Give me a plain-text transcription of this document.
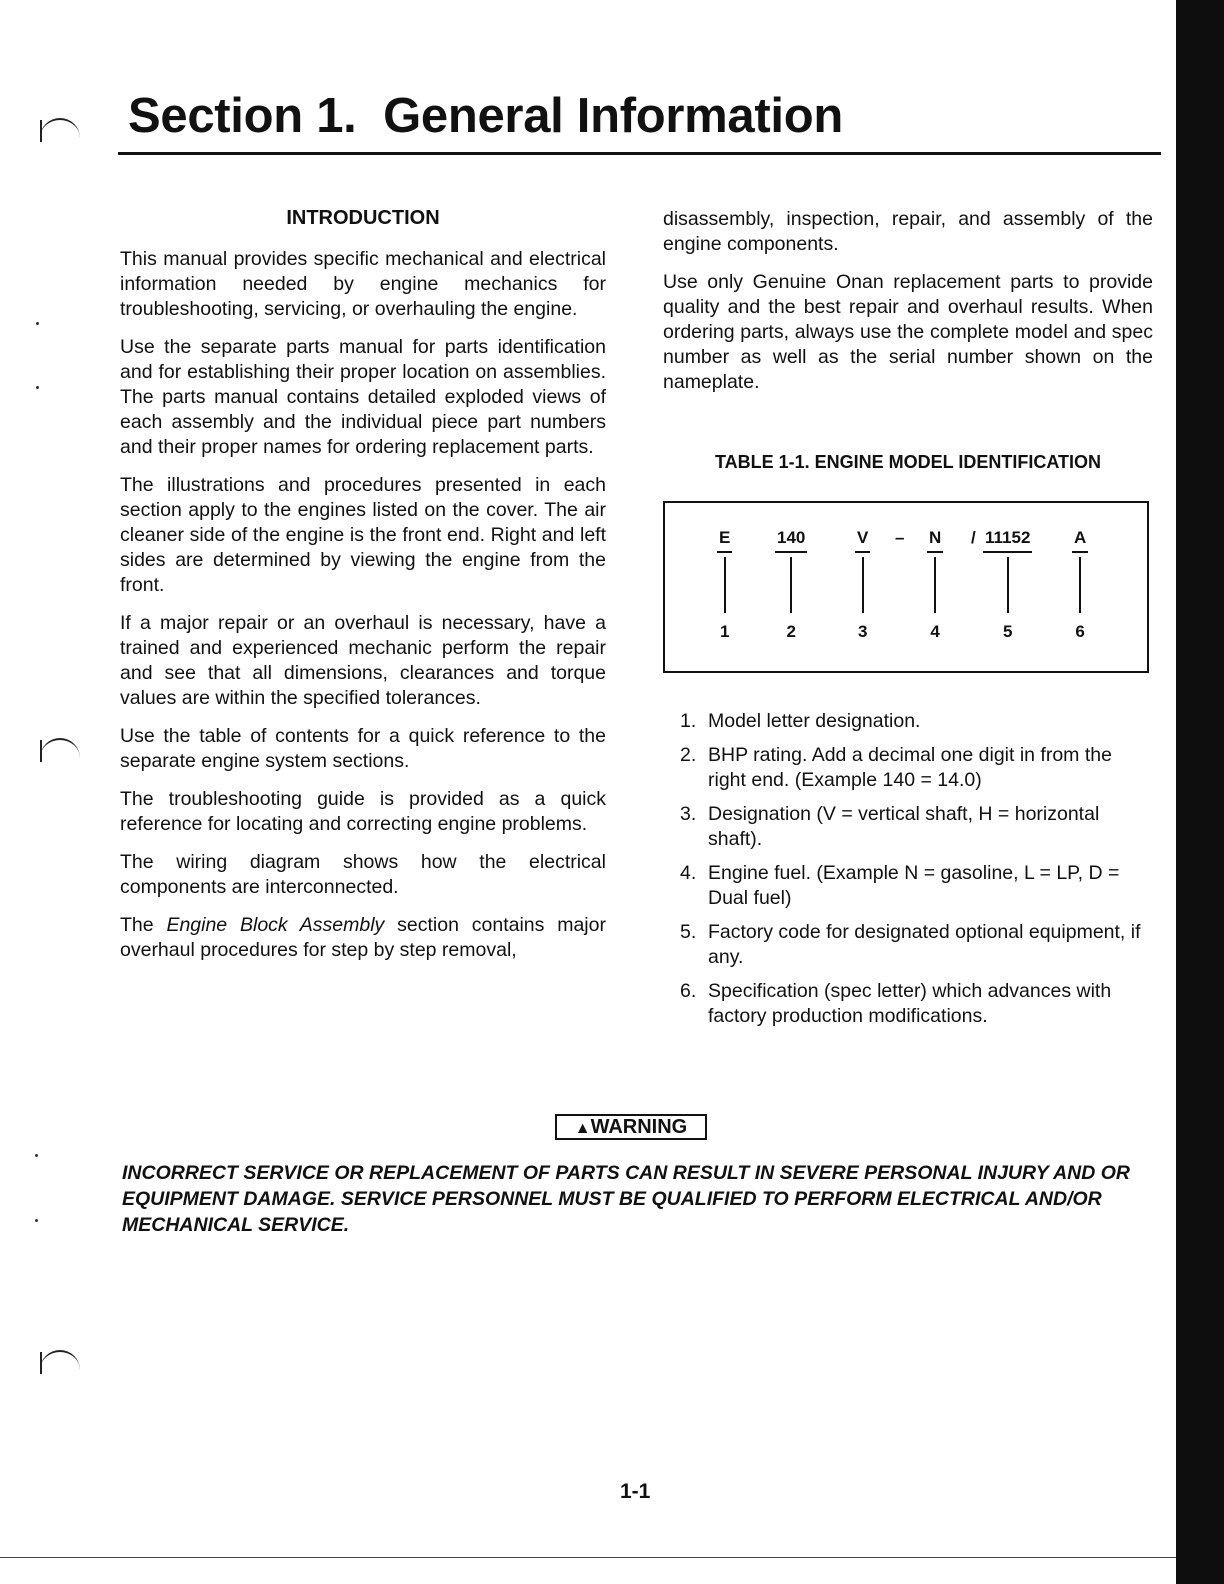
Section 1.  General Information
INTRODUCTION

This manual provides specific mechanical and electrical information needed by engine mechanics for troubleshooting, servicing, or overhauling the engine.

Use the separate parts manual for parts identification and for establishing their proper location on assemblies. The parts manual contains detailed exploded views of each assembly and the individual piece part numbers and their proper names for ordering replacement parts.

The illustrations and procedures presented in each section apply to the engines listed on the cover. The air cleaner side of the engine is the front end. Right and left sides are determined by viewing the engine from the front.

If a major repair or an overhaul is necessary, have a trained and experienced mechanic perform the repair and see that all dimensions, clearances and torque values are within the specified tolerances.

Use the table of contents for a quick reference to the separate engine system sections.

The troubleshooting guide is provided as a quick reference for locating and correcting engine problems.

The wiring diagram shows how the electrical components are interconnected.

The Engine Block Assembly section contains major overhaul procedures for step by step removal,

disassembly, inspection, repair, and assembly of the engine components.

Use only Genuine Onan replacement parts to provide quality and the best repair and overhaul results. When ordering parts, always use the complete model and spec number as well as the serial number shown on the nameplate.

TABLE 1-1. ENGINE MODEL IDENTIFICATION
E
1
140
2
V
3
– N
4
/ 11152
5
A
6
1. Model letter designation.
2. BHP rating. Add a decimal one digit in from the right end. (Example 140 = 14.0)
3. Designation (V = vertical shaft, H = horizontal shaft).
4. Engine fuel. (Example N = gasoline, L = LP, D = Dual fuel)
5. Factory code for designated optional equipment, if any.
6. Specification (spec letter) which advances with factory production modifications.
▲WARNING

INCORRECT SERVICE OR REPLACEMENT OF PARTS CAN RESULT IN SEVERE PERSONAL INJURY AND OR EQUIPMENT DAMAGE. SERVICE PERSONNEL MUST BE QUALIFIED TO PERFORM ELECTRICAL AND/OR MECHANICAL SERVICE.

1-1
